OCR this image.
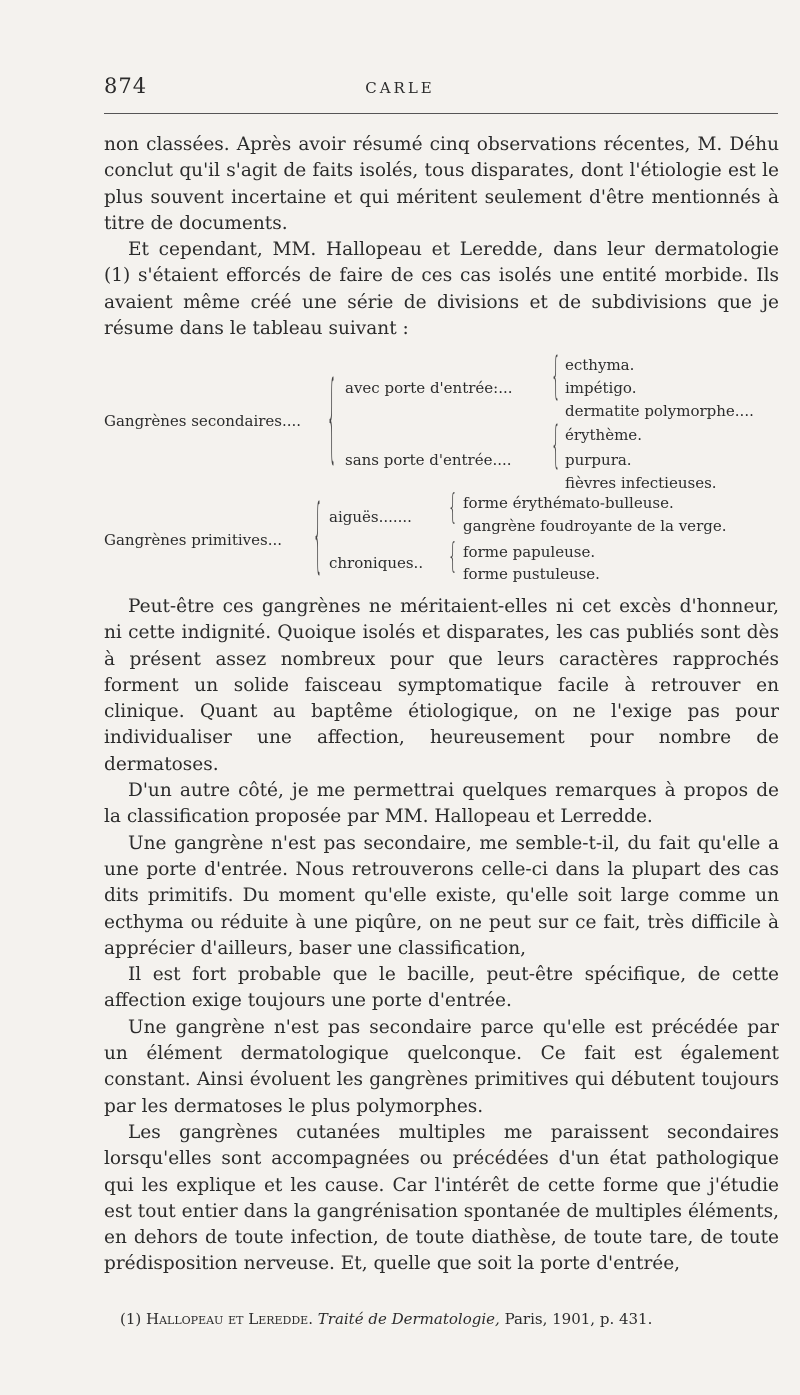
874	CARLE

non classées. Après avoir résumé cinq observations récentes, M. Déhu conclut qu'il s'agit de faits isolés, tous disparates, dont l'étiologie est le plus souvent incertaine et qui méritent seulement d'être mentionnés à titre de documents.

Et cependant, MM. Hallopeau et Leredde, dans leur dermatologie (1) s'étaient efforcés de faire de ces cas isolés une entité morbide. Ils avaient même créé une série de divisions et de subdivisions que je résume dans le tableau suivant :

Gangrènes secondaires.... { avec porte d'entrée:... { ecthyma.
impétigo.
dermatite polymorphe....
sans porte d'entrée.... { érythème.
purpura.
fièvres infectieuses.
Gangrènes primitives... { aiguës....... { forme érythémato-bulleuse.
gangrène foudroyante de la verge.
chroniques.. { forme papuleuse.
forme pustuleuse.

Peut-être ces gangrènes ne méritaient-elles ni cet excès d'honneur, ni cette indignité. Quoique isolés et disparates, les cas publiés sont dès à présent assez nombreux pour que leurs caractères rapprochés forment un solide faisceau symptomatique facile à retrouver en clinique. Quant au baptême étiologique, on ne l'exige pas pour individualiser une affection, heureusement pour nombre de dermatoses.

D'un autre côté, je me permettrai quelques remarques à propos de la classification proposée par MM. Hallopeau et Lerredde.

Une gangrène n'est pas secondaire, me semble-t-il, du fait qu'elle a une porte d'entrée. Nous retrouverons celle-ci dans la plupart des cas dits primitifs. Du moment qu'elle existe, qu'elle soit large comme un ecthyma ou réduite à une piqûre, on ne peut sur ce fait, très difficile à apprécier d'ailleurs, baser une classification,

Il est fort probable que le bacille, peut-être spécifique, de cette affection exige toujours une porte d'entrée.

Une gangrène n'est pas secondaire parce qu'elle est précédée par un élément dermatologique quelconque. Ce fait est également constant. Ainsi évoluent les gangrènes primitives qui débutent toujours par les dermatoses le plus polymorphes.

Les gangrènes cutanées multiples me paraissent secondaires lorsqu'elles sont accompagnées ou précédées d'un état pathologique qui les explique et les cause. Car l'intérêt de cette forme que j'étudie est tout entier dans la gangrénisation spontanée de multiples éléments, en dehors de toute infection, de toute diathèse, de toute tare, de toute prédisposition nerveuse. Et, quelle que soit la porte d'entrée,

(1) Hallopeau et Leredde. Traité de Dermatologie, Paris, 1901, p. 431.
